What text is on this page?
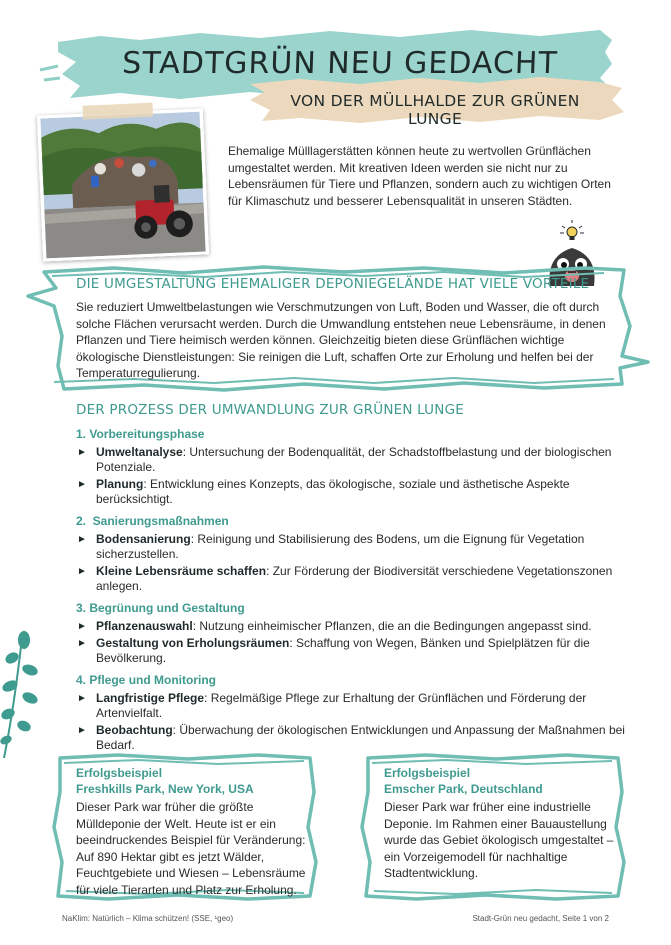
STADTGRÜN NEU GEDACHT
VON DER MÜLLHALDE ZUR GRÜNEN LUNGE
Ehemalige Mülllagerstätten können heute zu wertvollen Grünflächen umgestaltet werden. Mit kreativen Ideen werden sie nicht nur zu Lebensräumen für Tiere und Pflanzen, sondern auch zu wichtigen Orten für Klimaschutz und besserer Lebensqualität in unseren Städten.
DIE UMGESTALTUNG EHEMALIGER DEPONIEGELÄNDE HAT VIELE VORTEILE
Sie reduziert Umweltbelastungen wie Verschmutzungen von Luft, Boden und Wasser, die oft durch solche Flächen verursacht werden. Durch die Umwandlung entstehen neue Lebensräume, in denen Pflanzen und Tiere heimisch werden können. Gleichzeitig bieten diese Grünflächen wichtige ökologische Dienstleistungen: Sie reinigen die Luft, schaffen Orte zur Erholung und helfen bei der Temperaturregulierung.
DER PROZESS DER UMWANDLUNG ZUR GRÜNEN LUNGE
1. Vorbereitungsphase
► Umweltanalyse: Untersuchung der Bodenqualität, der Schadstoffbelastung und der biologischen Potenziale.
► Planung: Entwicklung eines Konzepts, das ökologische, soziale und ästhetische Aspekte berücksichtigt.
2.  Sanierungsmaßnahmen
► Bodensanierung: Reinigung und Stabilisierung des Bodens, um die Eignung für Vegetation sicherzustellen.
► Kleine Lebensräume schaffen: Zur Förderung der Biodiversität verschiedene Vegetationszonen anlegen.
3. Begrünung und Gestaltung
► Pflanzenauswahl: Nutzung einheimischer Pflanzen, die an die Bedingungen angepasst sind.
► Gestaltung von Erholungsräumen: Schaffung von Wegen, Bänken und Spielplätzen für die Bevölkerung.
4. Pflege und Monitoring
► Langfristige Pflege: Regelmäßige Pflege zur Erhaltung der Grünflächen und Förderung der Artenvielfalt.
► Beobachtung: Überwachung der ökologischen Entwicklungen und Anpassung der Maßnahmen bei Bedarf.
Erfolgsbeispiel
Freshkills Park, New York, USA
Dieser Park war früher die größte Mülldeponie der Welt. Heute ist er ein beeindruckendes Beispiel für Veränderung: Auf 890 Hektar gibt es jetzt Wälder, Feuchtgebiete und Wiesen – Lebensräume für viele Tierarten und Platz zur Erholung.
Erfolgsbeispiel
Emscher Park, Deutschland
Dieser Park war früher eine industrielle Deponie. Im Rahmen einer Bauaustellung wurde das Gebiet ökologisch umgestaltet – ein Vorzeigemodell für nachhaltige Stadtentwicklung.
NaKlim: Natürlich – Klima schützen! (SSE, ¹geo)	Stadt-Grün neu gedacht, Seite 1 von 2
